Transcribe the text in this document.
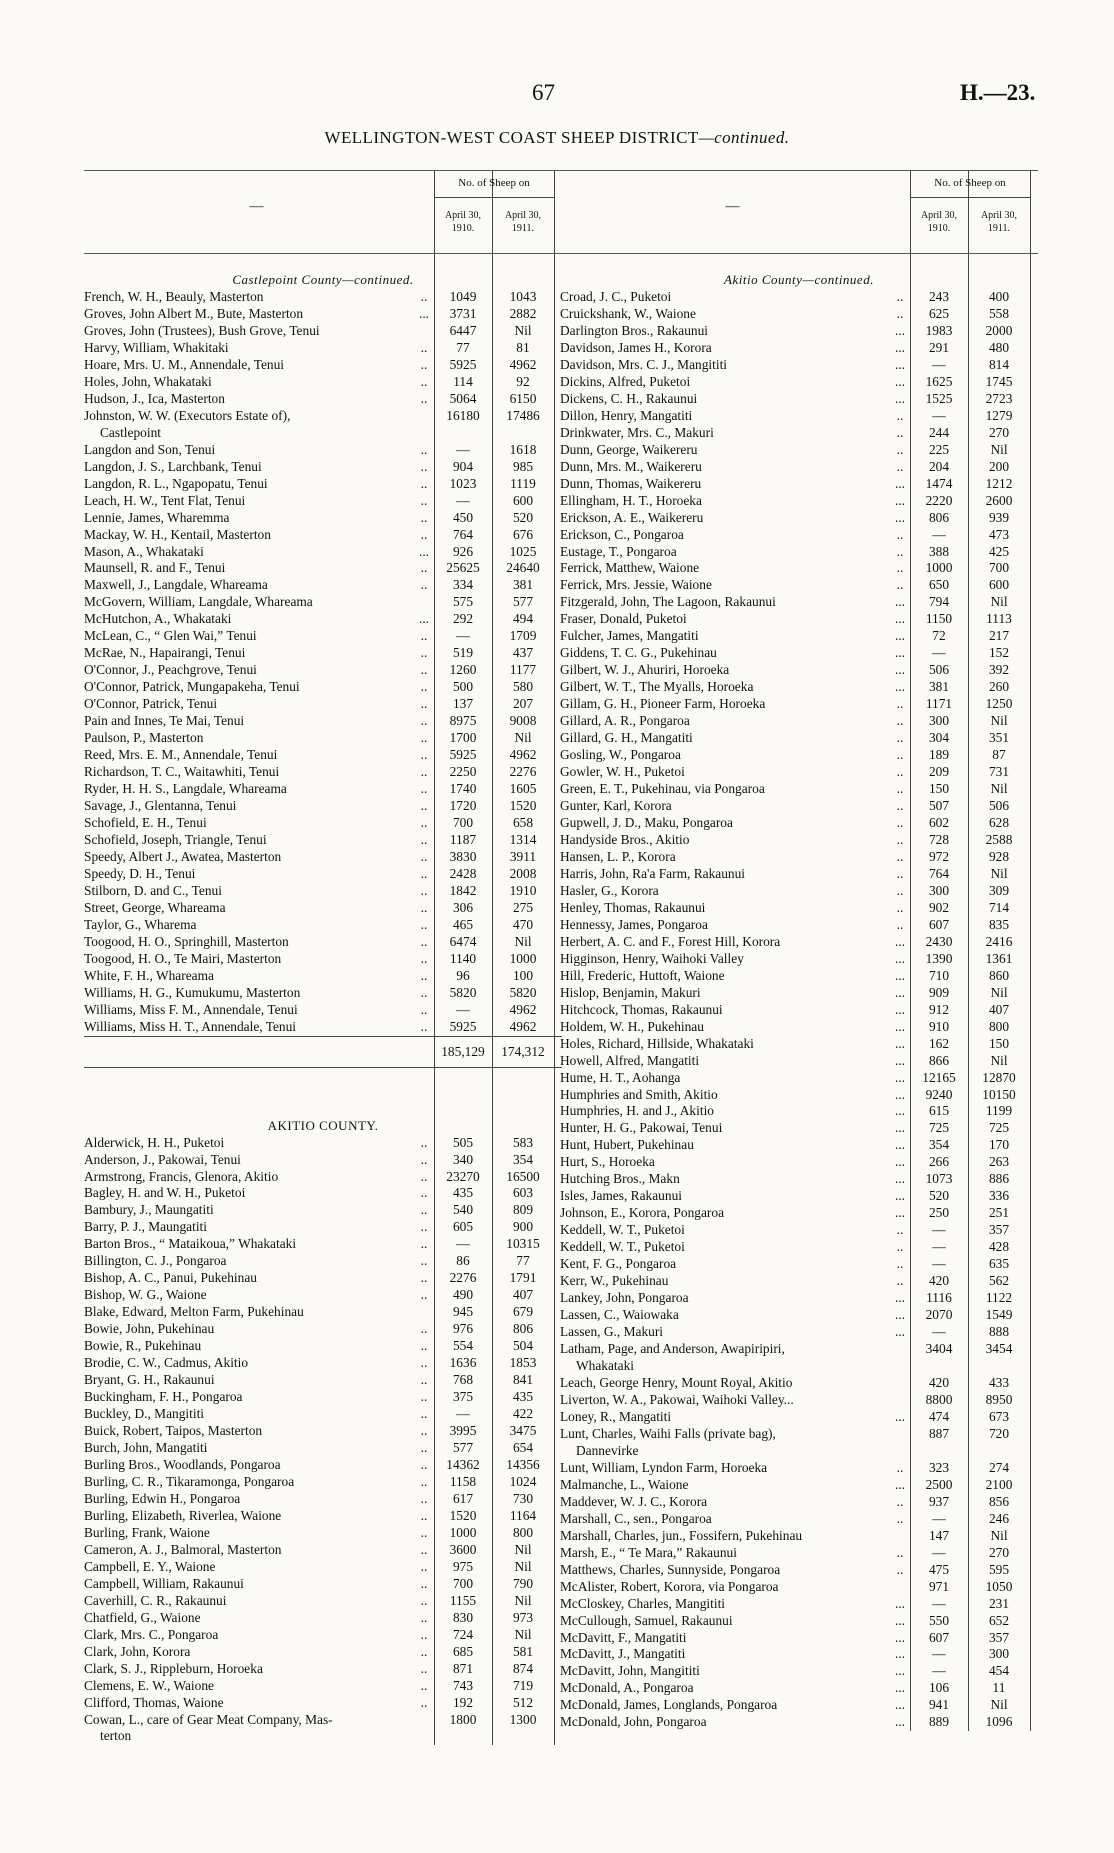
67	H.—23.
WELLINGTON-WEST COAST SHEEP DISTRICT—continued.
—
No. of Sheep on
April 30, 1910.
April 30, 1911.
Castlepoint County—continued.
French, W. H., Beauly, Masterton	..	1049	1043
Groves, John Albert M., Bute, Masterton	...	3731	2882
Groves, John (Trustees), Bush Grove, Tenui	6447	Nil
Harvy, William, Whakitaki	..	77	81
Hoare, Mrs. U. M., Annendale, Tenui	..	5925	4962
Holes, John, Whakataki	..	114	92
Hudson, J., Ica, Masterton	..	5064	6150
Johnston, W. W. (Executors Estate of),	16180	17486
Castlepoint
Langdon and Son, Tenui	..	—	1618
Langdon, J. S., Larchbank, Tenui	..	904	985
Langdon, R. L., Ngapopatu, Tenui	..	1023	1119
Leach, H. W., Tent Flat, Tenui	..	—	600
Lennie, James, Wharemma	..	450	520
Mackay, W. H., Kentail, Masterton	..	764	676
Mason, A., Whakataki	...	926	1025
Maunsell, R. and F., Tenui	..	25625	24640
Maxwell, J., Langdale, Whareama	..	334	381
McGovern, William, Langdale, Whareama	575	577
McHutchon, A., Whakataki	...	292	494
McLean, C., “ Glen Wai,” Tenui	..	—	1709
McRae, N., Hapairangi, Tenui	..	519	437
O'Connor, J., Peachgrove, Tenui	..	1260	1177
O'Connor, Patrick, Mungapakeha, Tenui	..	500	580
O'Connor, Patrick, Tenui	..	137	207
Pain and Innes, Te Mai, Tenui	..	8975	9008
Paulson, P., Masterton	..	1700	Nil
Reed, Mrs. E. M., Annendale, Tenui	..	5925	4962
Richardson, T. C., Waitawhiti, Tenui	..	2250	2276
Ryder, H. H. S., Langdale, Whareama	..	1740	1605
Savage, J., Glentanna, Tenui	..	1720	1520
Schofield, E. H., Tenui	..	700	658
Schofield, Joseph, Triangle, Tenui	..	1187	1314
Speedy, Albert J., Awatea, Masterton	..	3830	3911
Speedy, D. H., Tenui	..	2428	2008
Stilborn, D. and C., Tenui	..	1842	1910
Street, George, Whareama	..	306	275
Taylor, G., Wharema	..	465	470
Toogood, H. O., Springhill, Masterton	..	6474	Nil
Toogood, H. O., Te Mairi, Masterton	..	1140	1000
White, F. H., Whareama	..	96	100
Williams, H. G., Kumukumu, Masterton	..	5820	5820
Williams, Miss F. M., Annendale, Tenui	..	—	4962
Williams, Miss H. T., Annendale, Tenui	..	5925	4962
185,129	174,312
AKITIO COUNTY.
Alderwick, H. H., Puketoi	..	505	583
Anderson, J., Pakowai, Tenui	..	340	354
Armstrong, Francis, Glenora, Akitio	..	23270	16500
Bagley, H. and W. H., Puketoi	..	435	603
Bambury, J., Maungatiti	..	540	809
Barry, P. J., Maungatiti	..	605	900
Barton Bros., “ Mataikoua,” Whakataki	..	—	10315
Billington, C. J., Pongaroa	..	86	77
Bishop, A. C., Panui, Pukehinau	..	2276	1791
Bishop, W. G., Waione	..	490	407
Blake, Edward, Melton Farm, Pukehinau	945	679
Bowie, John, Pukehinau	..	976	806
Bowie, R., Pukehinau	..	554	504
Brodie, C. W., Cadmus, Akitio	..	1636	1853
Bryant, G. H., Rakaunui	..	768	841
Buckingham, F. H., Pongaroa	..	375	435
Buckley, D., Mangititi	..	—	422
Buick, Robert, Taipos, Masterton	..	3995	3475
Burch, John, Mangatiti	..	577	654
Burling Bros., Woodlands, Pongaroa	..	14362	14356
Burling, C. R., Tikaramonga, Pongaroa	..	1158	1024
Burling, Edwin H., Pongaroa	..	617	730
Burling, Elizabeth, Riverlea, Waione	..	1520	1164
Burling, Frank, Waione	..	1000	800
Cameron, A. J., Balmoral, Masterton	..	3600	Nil
Campbell, E. Y., Waione	..	975	Nil
Campbell, William, Rakaunui	..	700	790
Caverhill, C. R., Rakaunui	..	1155	Nil
Chatfield, G., Waione	..	830	973
Clark, Mrs. C., Pongaroa	..	724	Nil
Clark, John, Korora	..	685	581
Clark, S. J., Rippleburn, Horoeka	..	871	874
Clemens, E. W., Waione	..	743	719
Clifford, Thomas, Waione	..	192	512
Cowan, L., care of Gear Meat Company, Mas-	1800	1300
terton
—
No. of Sheep on
April 30, 1910.
April 30, 1911.
Akitio County—continued.
Croad, J. C., Puketoi	..	243	400
Cruickshank, W., Waione	..	625	558
Darlington Bros., Rakaunui	...	1983	2000
Davidson, James H., Korora	...	291	480
Davidson, Mrs. C. J., Mangititi	...	—	814
Dickins, Alfred, Puketoi	...	1625	1745
Dickens, C. H., Rakaunui	...	1525	2723
Dillon, Henry, Mangatiti	..	—	1279
Drinkwater, Mrs. C., Makuri	..	244	270
Dunn, George, Waikereru	..	225	Nil
Dunn, Mrs. M., Waikereru	..	204	200
Dunn, Thomas, Waikereru	...	1474	1212
Ellingham, H. T., Horoeka	...	2220	2600
Erickson, A. E., Waikereru	...	806	939
Erickson, C., Pongaroa	..	—	473
Eustage, T., Pongaroa	..	388	425
Ferrick, Matthew, Waione	..	1000	700
Ferrick, Mrs. Jessie, Waione	..	650	600
Fitzgerald, John, The Lagoon, Rakaunui	...	794	Nil
Fraser, Donald, Puketoi	...	1150	1113
Fulcher, James, Mangatiti	...	72	217
Giddens, T. C. G., Pukehinau	...	—	152
Gilbert, W. J., Ahuriri, Horoeka	...	506	392
Gilbert, W. T., The Myalls, Horoeka	...	381	260
Gillam, G. H., Pioneer Farm, Horoeka	..	1171	1250
Gillard, A. R., Pongaroa	..	300	Nil
Gillard, G. H., Mangatiti	..	304	351
Gosling, W., Pongaroa	..	189	87
Gowler, W. H., Puketoi	..	209	731
Green, E. T., Pukehinau, via Pongaroa	..	150	Nil
Gunter, Karl, Korora	..	507	506
Gupwell, J. D., Maku, Pongaroa	..	602	628
Handyside Bros., Akitio	..	728	2588
Hansen, L. P., Korora	..	972	928
Harris, John, Ra'a Farm, Rakaunui	..	764	Nil
Hasler, G., Korora	..	300	309
Henley, Thomas, Rakaunui	..	902	714
Hennessy, James, Pongaroa	..	607	835
Herbert, A. C. and F., Forest Hill, Korora	...	2430	2416
Higginson, Henry, Waihoki Valley	...	1390	1361
Hill, Frederic, Huttoft, Waione	...	710	860
Hislop, Benjamin, Makuri	...	909	Nil
Hitchcock, Thomas, Rakaunui	...	912	407
Holdem, W. H., Pukehinau	...	910	800
Holes, Richard, Hillside, Whakataki	...	162	150
Howell, Alfred, Mangatiti	...	866	Nil
Hume, H. T., Aohanga	...	12165	12870
Humphries and Smith, Akitio	...	9240	10150
Humphries, H. and J., Akitio	...	615	1199
Hunter, H. G., Pakowai, Tenui	...	725	725
Hunt, Hubert, Pukehinau	...	354	170
Hurt, S., Horoeka	...	266	263
Hutching Bros., Makn	...	1073	886
Isles, James, Rakaunui	...	520	336
Johnson, E., Korora, Pongaroa	...	250	251
Keddell, W. T., Puketoi	..	—	357
Keddell, W. T., Puketoi	..	—	428
Kent, F. G., Pongaroa	..	—	635
Kerr, W., Pukehinau	..	420	562
Lankey, John, Pongaroa	...	1116	1122
Lassen, C., Waiowaka	...	2070	1549
Lassen, G., Makuri	...	—	888
Latham, Page, and Anderson, Awapiripiri,	3404	3454
Whakataki
Leach, George Henry, Mount Royal, Akitio	420	433
Liverton, W. A., Pakowai, Waihoki Valley...	8800	8950
Loney, R., Mangatiti	...	474	673
Lunt, Charles, Waihi Falls (private bag),	887	720
Dannevirke
Lunt, William, Lyndon Farm, Horoeka	..	323	274
Malmanche, L., Waione	...	2500	2100
Maddever, W. J. C., Korora	..	937	856
Marshall, C., sen., Pongaroa	..	—	246
Marshall, Charles, jun., Fossifern, Pukehinau	147	Nil
Marsh, E., “ Te Mara,” Rakaunui	..	—	270
Matthews, Charles, Sunnyside, Pongaroa	..	475	595
McAlister, Robert, Korora, via Pongaroa	971	1050
McCloskey, Charles, Mangititi	...	—	231
McCullough, Samuel, Rakaunui	...	550	652
McDavitt, F., Mangatiti	...	607	357
McDavitt, J., Mangatiti	...	—	300
McDavitt, John, Mangititi	...	—	454
McDonald, A., Pongaroa	...	106	11
McDonald, James, Longlands, Pongaroa	...	941	Nil
McDonald, John, Pongaroa	...	889	1096
